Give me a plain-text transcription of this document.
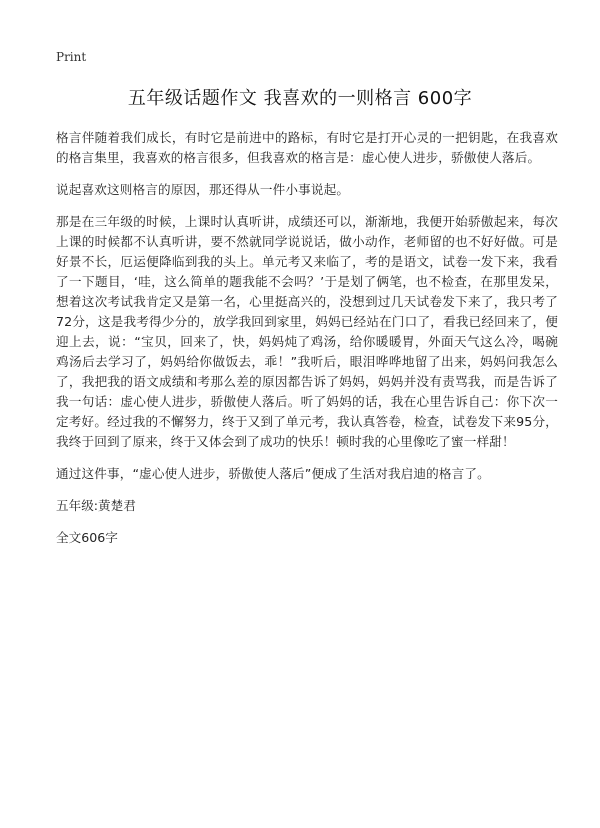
Print
五年级话题作文 我喜欢的一则格言 600字

格言伴随着我们成长，有时它是前进中的路标，有时它是打开心灵的一把钥匙，在我喜欢的格言集里，我喜欢的格言很多，但我喜欢的格言是：虚心使人进步，骄傲使人落后。

说起喜欢这则格言的原因，那还得从一件小事说起。

那是在三年级的时候，上课时认真听讲，成绩还可以，渐渐地，我便开始骄傲起来，每次上课的时候都不认真听讲，要不然就同学说说话，做小动作，老师留的也不好好做。可是好景不长，厄运便降临到我的头上。单元考又来临了，考的是语文，试卷一发下来，我看了一下题目，‘哇，这么简单的题我能不会吗？’于是划了俩笔，也不检查，在那里发呆，想着这次考试我肯定又是第一名，心里挺高兴的，没想到过几天试卷发下来了，我只考了72分，这是我考得少分的，放学我回到家里，妈妈已经站在门口了，看我已经回来了，便迎上去，说：“宝贝，回来了，快，妈妈炖了鸡汤，给你暖暖胃，外面天气这么冷，喝碗鸡汤后去学习了，妈妈给你做饭去，乖！”我听后，眼泪哗哗地留了出来，妈妈问我怎么了，我把我的语文成绩和考那么差的原因都告诉了妈妈，妈妈并没有责骂我，而是告诉了我一句话：虚心使人进步，骄傲使人落后。听了妈妈的话，我在心里告诉自己：你下次一定考好。经过我的不懈努力，终于又到了单元考，我认真答卷，检查，试卷发下来95分，我终于回到了原来，终于又体会到了成功的快乐！顿时我的心里像吃了蜜一样甜！

通过这件事，“虚心使人进步，骄傲使人落后”便成了生活对我启迪的格言了。

五年级:黄楚君

全文606字
